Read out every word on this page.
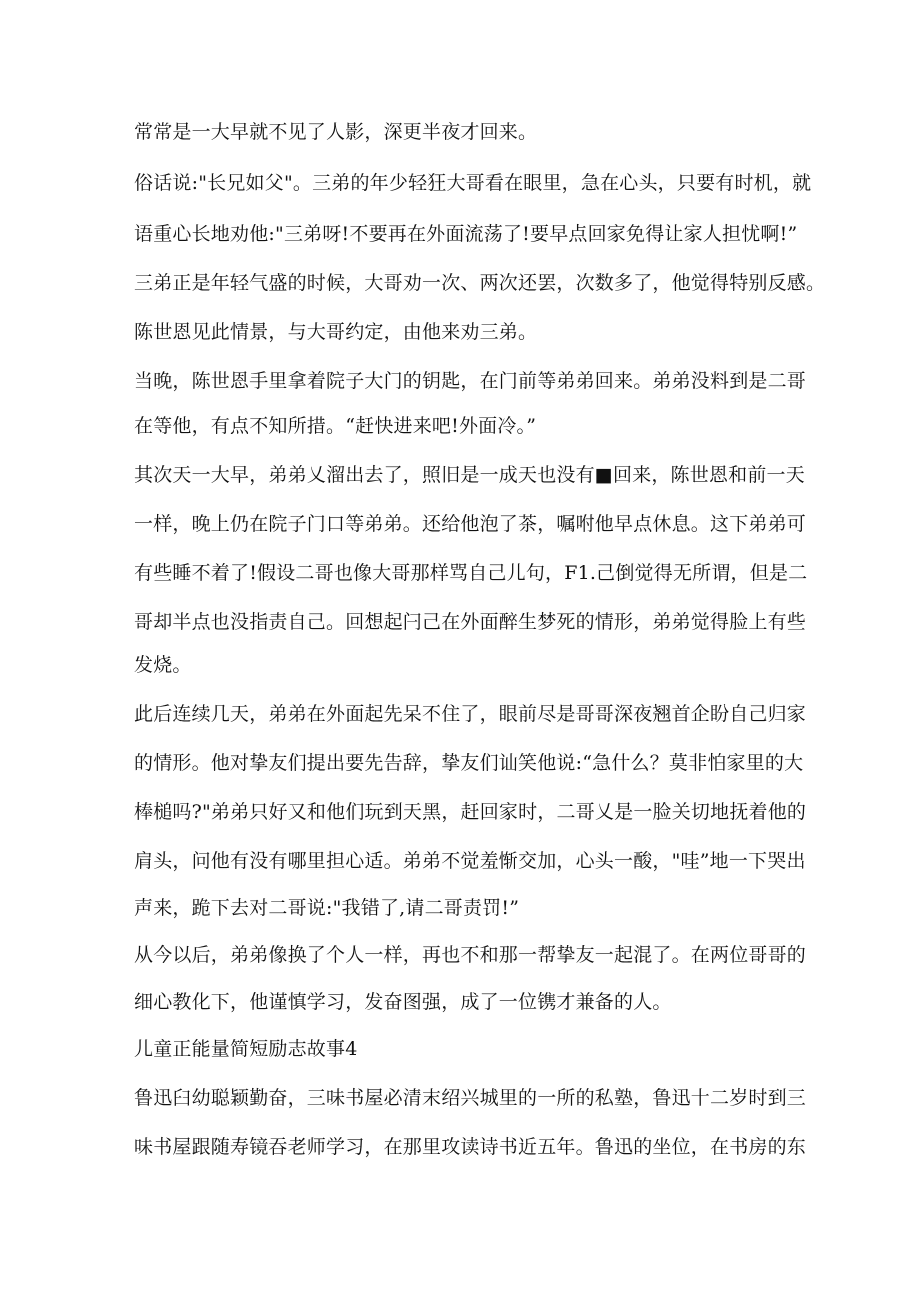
常常是一大早就不见了人影，深更半夜才回来。
俗话说:"长兄如父"。三弟的年少轻狂大哥看在眼里，急在心头，只要有时机，就
语重心长地劝他:"三弟呀!不要再在外面流荡了!要早点回家免得让家人担忧啊!”
三弟正是年轻气盛的时候，大哥劝一次、两次还罢，次数多了，他觉得特别反感。
陈世恩见此情景，与大哥约定，由他来劝三弟。
当晚，陈世恩手里拿着院子大门的钥匙，在门前等弟弟回来。弟弟没料到是二哥
在等他，有点不知所措。“赶快进来吧!外面冷。”
其次天一大早，弟弟乂溜出去了，照旧是一成天也没有■回来，陈世恩和前一天
一样，晚上仍在院子门口等弟弟。还给他泡了茶，嘱咐他早点休息。这下弟弟可
有些睡不着了!假设二哥也像大哥那样骂自己儿句，F1.己倒觉得无所谓，但是二
哥却半点也没指责自己。回想起闩己在外面醉生梦死的情形，弟弟觉得脸上有些
发烧。
此后连续几天，弟弟在外面起先呆不住了，眼前尽是哥哥深夜翘首企盼自己归家
的情形。他对挚友们提出要先告辞，挚友们讪笑他说:“急什么？莫非怕家里的大
棒槌吗?"弟弟只好又和他们玩到天黑，赶回家时，二哥乂是一脸关切地抚着他的
肩头，问他有没有哪里担心适。弟弟不觉羞惭交加，心头一酸，"哇”地一下哭出
声来，跪下去对二哥说:"我错了,请二哥责罚!”
从今以后，弟弟像换了个人一样，再也不和那一帮挚友一起混了。在两位哥哥的
细心教化下，他谨慎学习，发奋图强，成了一位镌才兼备的人。
儿童正能量简短励志故事4
鲁迅臼幼聪颖勤奋，三味书屋必清末绍兴城里的一所的私塾，鲁迅十二岁时到三
味书屋跟随寿镜吞老师学习，在那里攻读诗书近五年。鲁迅的坐位，在书房的东
